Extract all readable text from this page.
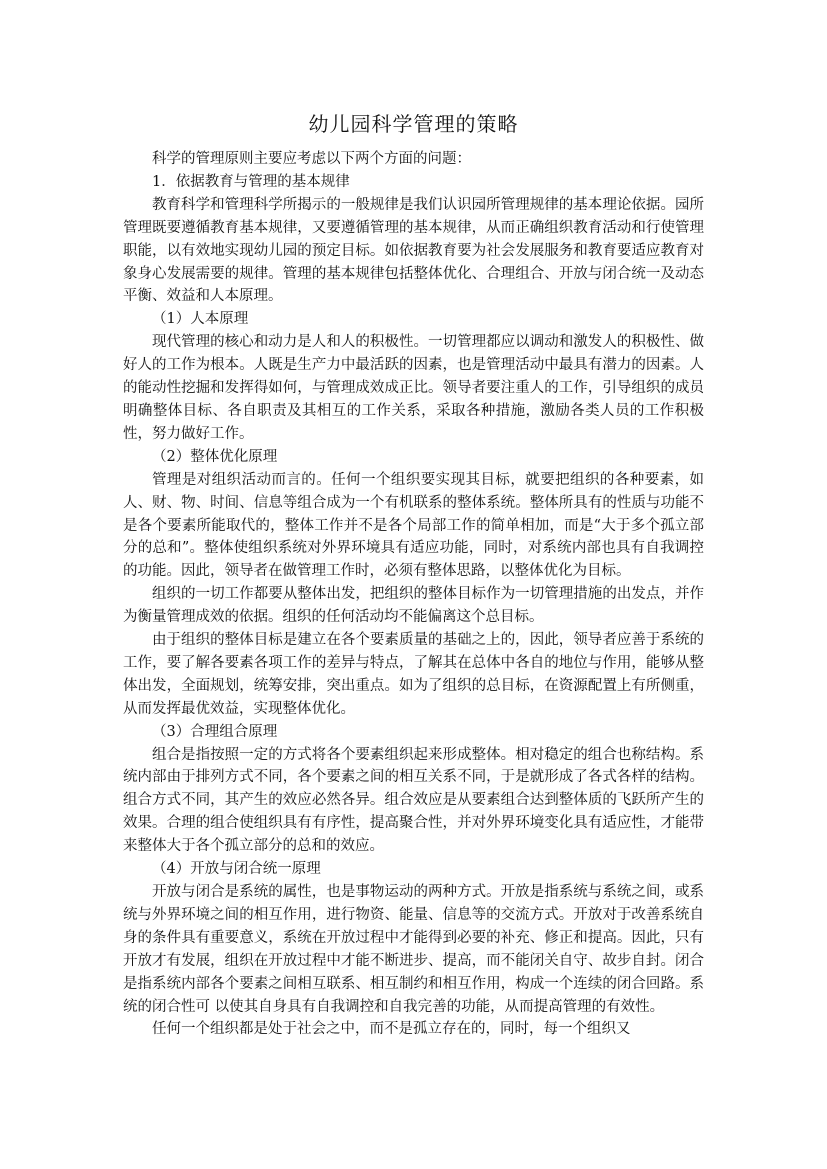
幼儿园科学管理的策略

科学的管理原则主要应考虑以下两个方面的问题：

1．依据教育与管理的基本规律

教育科学和管理科学所揭示的一般规律是我们认识园所管理规律的基本理论依据。园所管理既要遵循教育基本规律，又要遵循管理的基本规律，从而正确组织教育活动和行使管理职能，以有效地实现幼儿园的预定目标。如依据教育要为社会发展服务和教育要适应教育对象身心发展需要的规律。管理的基本规律包括整体优化、合理组合、开放与闭合统一及动态平衡、效益和人本原理。

（1）人本原理

现代管理的核心和动力是人和人的积极性。一切管理都应以调动和激发人的积极性、做好人的工作为根本。人既是生产力中最活跃的因素，也是管理活动中最具有潜力的因素。人的能动性挖掘和发挥得如何，与管理成效成正比。领导者要注重人的工作，引导组织的成员明确整体目标、各自职责及其相互的工作关系，采取各种措施，激励各类人员的工作积极性，努力做好工作。

（2）整体优化原理

管理是对组织活动而言的。任何一个组织要实现其目标，就要把组织的各种要素，如人、财、物、时间、信息等组合成为一个有机联系的整体系统。整体所具有的性质与功能不是各个要素所能取代的，整体工作并不是各个局部工作的简单相加，而是“大于多个孤立部分的总和”。整体使组织系统对外界环境具有适应功能，同时，对系统内部也具有自我调控的功能。因此，领导者在做管理工作时，必须有整体思路，以整体优化为目标。

组织的一切工作都要从整体出发，把组织的整体目标作为一切管理措施的出发点，并作为衡量管理成效的依据。组织的任何活动均不能偏离这个总目标。

由于组织的整体目标是建立在各个要素质量的基础之上的，因此，领导者应善于系统的工作，要了解各要素各项工作的差异与特点，了解其在总体中各自的地位与作用，能够从整体出发，全面规划，统筹安排，突出重点。如为了组织的总目标，在资源配置上有所侧重，从而发挥最优效益，实现整体优化。

（3）合理组合原理

组合是指按照一定的方式将各个要素组织起来形成整体。相对稳定的组合也称结构。系统内部由于排列方式不同，各个要素之间的相互关系不同，于是就形成了各式各样的结构。组合方式不同，其产生的效应必然各异。组合效应是从要素组合达到整体质的飞跃所产生的效果。合理的组合使组织具有有序性，提高聚合性，并对外界环境变化具有适应性，才能带来整体大于各个孤立部分的总和的效应。

（4）开放与闭合统一原理

开放与闭合是系统的属性，也是事物运动的两种方式。开放是指系统与系统之间，或系统与外界环境之间的相互作用，进行物资、能量、信息等的交流方式。开放对于改善系统自身的条件具有重要意义，系统在开放过程中才能得到必要的补充、修正和提高。因此，只有开放才有发展，组织在开放过程中才能不断进步、提高，而不能闭关自守、故步自封。闭合是指系统内部各个要素之间相互联系、相互制约和相互作用，构成一个连续的闭合回路。系统的闭合性可 以使其自身具有自我调控和自我完善的功能，从而提高管理的有效性。

任何一个组织都是处于社会之中，而不是孤立存在的，同时，每一个组织又
